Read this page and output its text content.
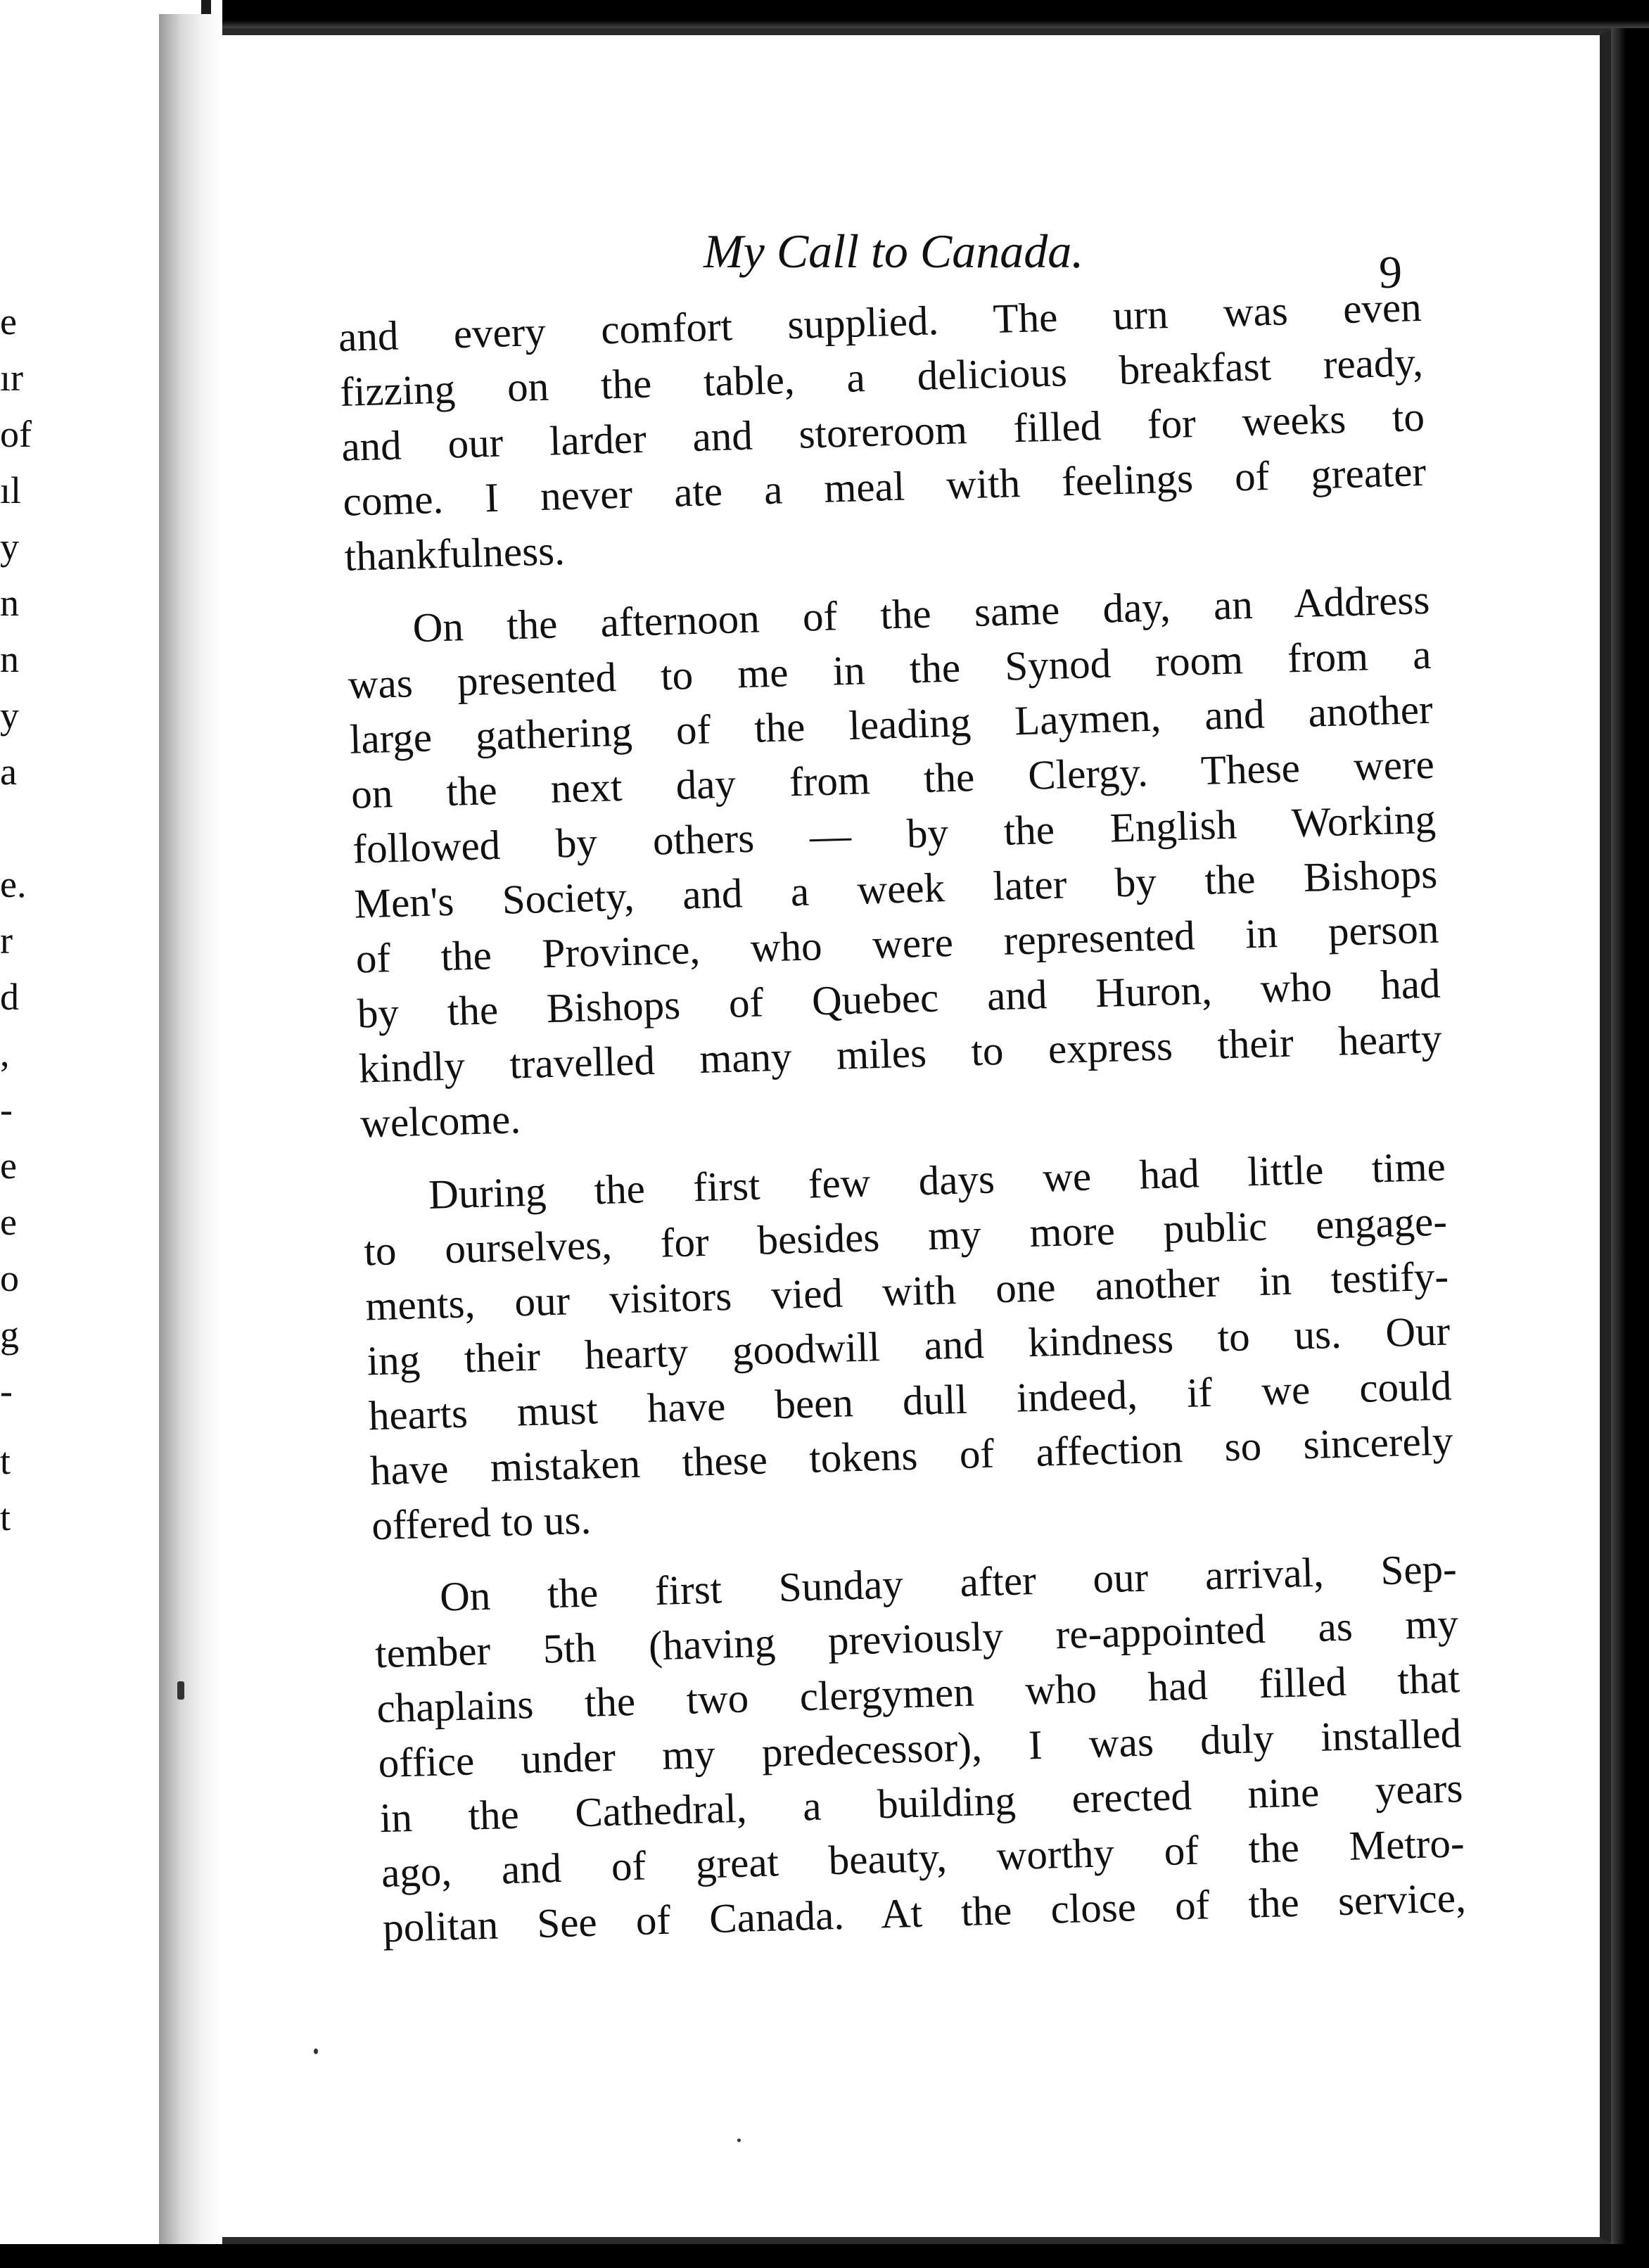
e
ır
of
ıl
y
n
n
y
a
e.
r
d
,
-
e
e
o
g
-
t
t
My Call to Canada.	9
and every comfort supplied. The urn was even
fizzing on the table, a delicious breakfast ready,
and our larder and storeroom filled for weeks to
come. I never ate a meal with feelings of greater
thankfulness.
On the afternoon of the same day, an Address
was presented to me in the Synod room from a
large gathering of the leading Laymen, and another
on the next day from the Clergy. These were
followed by others — by the English Working
Men's Society, and a week later by the Bishops
of the Province, who were represented in person
by the Bishops of Quebec and Huron, who had
kindly travelled many miles to express their hearty
welcome.
During the first few days we had little time
to ourselves, for besides my more public engage-
ments, our visitors vied with one another in testify-
ing their hearty goodwill and kindness to us. Our
hearts must have been dull indeed, if we could
have mistaken these tokens of affection so sincerely
offered to us.
On the first Sunday after our arrival, Sep-
tember 5th (having previously re-appointed as my
chaplains the two clergymen who had filled that
office under my predecessor), I was duly installed
in the Cathedral, a building erected nine years
ago, and of great beauty, worthy of the Metro-
politan See of Canada. At the close of the service,
